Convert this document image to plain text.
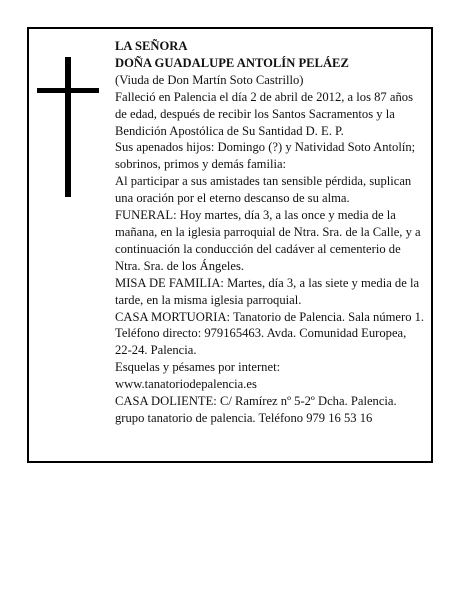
LA SEÑORA

DOÑA GUADALUPE ANTOLÍN PELÁEZ

(Viuda de Don Martín Soto Castrillo)

Falleció en Palencia el día 2 de abril de 2012, a los 87 años de edad, después de recibir los Santos Sacramentos y la Bendición Apostólica de Su Santidad D. E. P.

Sus apenados hijos: Domingo (?) y Natividad Soto Antolín; sobrinos, primos y demás familia:

Al participar a sus amistades tan sensible pérdida, suplican una oración por el eterno descanso de su alma.

FUNERAL: Hoy martes, día 3, a las once y media de la mañana, en la iglesia parroquial de Ntra. Sra. de la Calle, y a continuación la conducción del cadáver al cementerio de Ntra. Sra. de los Ángeles.

MISA DE FAMILIA: Martes, día 3, a las siete y media de la tarde, en la misma iglesia parroquial.

CASA MORTUORIA: Tanatorio de Palencia. Sala número 1. Teléfono directo: 979165463. Avda. Comunidad Europea, 22-24. Palencia.

Esquelas y pésames por internet: www.tanatoriodepalencia.es

CASA DOLIENTE: C/ Ramírez nº 5-2º Dcha. Palencia.

grupo tanatorio de palencia. Teléfono 979 16 53 16
